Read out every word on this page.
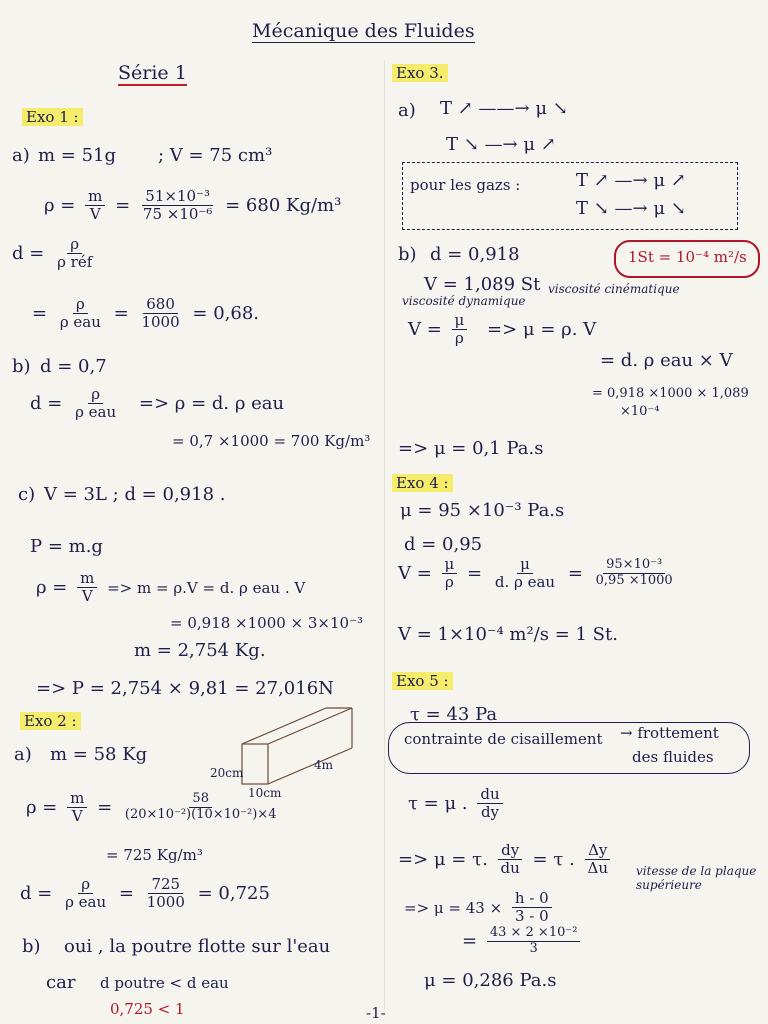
Mécanique des Fluides
Série 1
Exo 1 :
a) m = 51g ; V = 75 cm³
$\rho = \frac{m}{V} = \frac{\text{51×10⁻³}}{\text{75 ×10⁻⁶}} = 680$ Kg/m³
$d = \frac{\rho}{\text{ρ réf}}$
= $\frac{\rho}{\text{ρ eau}} = \frac{680}{1000} = 0,68$.
b) d = 0,7
$d = \frac{\rho}{\text{ρ eau}} => \rho = d$. ρ eau
= 0,7 ×1000 = 700 Kg/m³
c) V = 3L ; d = 0,918 .
P = m.g
$\rho = \frac{m}{V} => m = \rho.V = d$. ρ eau . V
= 0,918 ×1000 × 3×10⁻³
m = 2,754 Kg.
=> P = 2,754 × 9,81 = 27,016N
Exo 2 :
a) m = 58 Kg
20cm
10cm
4m
$\rho = \frac{m}{V} = \frac{58}{\text{(20×10⁻²)(10×10⁻²)×4}}$
= 725 Kg/m³
$d = \frac{\rho}{\text{ρ eau}} = \frac{725}{1000} = 0,725$
b) oui , la poutre flotte sur l'eau
car d poutre < d eau
0,725 < 1
Exo 3.
a) T ↗ ——→ μ ↘
T ↘ —→ μ ↗
pour les gazs :	T ↗ —→ μ ↗
T ↘ —→ μ ↘
b) d = 0,918	1St = 10⁻⁴ m²/s
V = 1,089 St viscosité cinématique
viscosité dynamique
$V = \frac{\mu}{\rho} => \mu = \rho$. V
= d. ρ eau × V
= 0,918 ×1000 × 1,089
×10⁻⁴
=> μ = 0,1 Pa.s
Exo 4 :
μ = 95 ×10⁻³ Pa.s
d = 0,95
$V = \frac{\mu}{\rho} = \frac{\mu}{\text{d. ρ eau}} = \frac{\text{95×10⁻³}}{0,95 \times 1000}$
V = 1×10⁻⁴ m²/s = 1 St.
Exo 5 :
τ = 43 Pa
contrainte de cisaillement → frottement
des fluides
τ = μ . $\frac{du}{dy}$
=> μ = τ. $\frac{dy}{du} = \tau$ . $\frac{\Delta y}{\Delta u}$ vitesse de la plaque supérieure
=> $\mu = 43 \times \frac{h - 0}{3 - 0}$
= $\frac{\text{43 × 2 ×10⁻²}}{3}$
μ = 0,286 Pa.s
-1-
